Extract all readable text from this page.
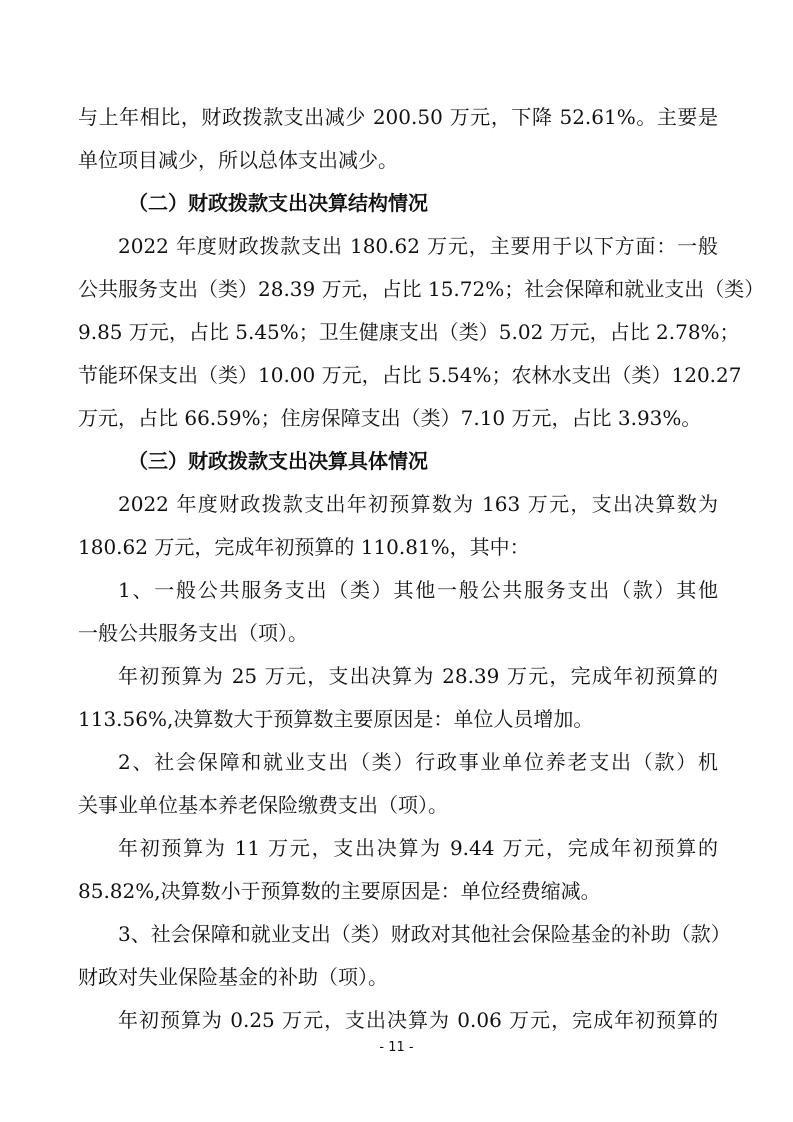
与上年相比，财政拨款支出减少 200.50 万元，下降 52.61%。主要是
单位项目减少，所以总体支出减少。
（二）财政拨款支出决算结构情况
2022 年度财政拨款支出 180.62 万元，主要用于以下方面：一般
公共服务支出（类）28.39 万元，占比 15.72%；社会保障和就业支出（类）
9.85 万元，占比 5.45%；卫生健康支出（类）5.02 万元，占比 2.78%；
节能环保支出（类）10.00 万元，占比 5.54%；农林水支出（类）120.27
万元，占比 66.59%；住房保障支出（类）7.10 万元，占比 3.93%。
（三）财政拨款支出决算具体情况
2022 年度财政拨款支出年初预算数为 163 万元，支出决算数为
180.62 万元，完成年初预算的 110.81%，其中：
1、一般公共服务支出（类）其他一般公共服务支出（款）其他
一般公共服务支出（项）。
年初预算为 25 万元，支出决算为 28.39 万元，完成年初预算的
113.56%,决算数大于预算数主要原因是：单位人员增加。
2、社会保障和就业支出（类）行政事业单位养老支出（款）机
关事业单位基本养老保险缴费支出（项）。
年初预算为 11 万元，支出决算为 9.44 万元，完成年初预算的
85.82%,决算数小于预算数的主要原因是：单位经费缩减。
3、社会保障和就业支出（类）财政对其他社会保险基金的补助（款）
财政对失业保险基金的补助（项）。
年初预算为 0.25 万元，支出决算为 0.06 万元，完成年初预算的
- 11 -
